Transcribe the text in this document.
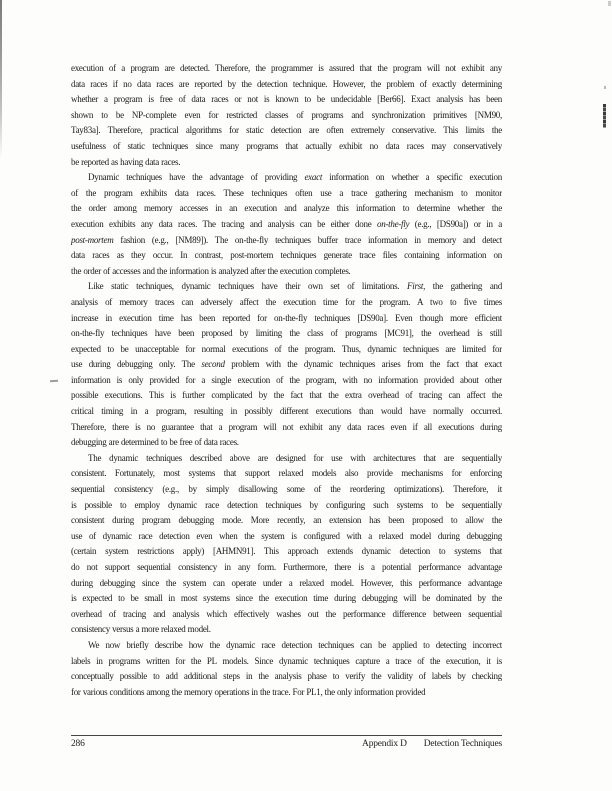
execution of a program are detected. Therefore, the programmer is assured that the program will not exhibit any
data races if no data races are reported by the detection technique. However, the problem of exactly determining
whether a program is free of data races or not is known to be undecidable [Ber66]. Exact analysis has been
shown to be NP-complete even for restricted classes of programs and synchronization primitives [NM90,
Tay83a]. Therefore, practical algorithms for static detection are often extremely conservative. This limits the
usefulness of static techniques since many programs that actually exhibit no data races may conservatively
be reported as having data races.
Dynamic techniques have the advantage of providing exact information on whether a specific execution
of the program exhibits data races. These techniques often use a trace gathering mechanism to monitor
the order among memory accesses in an execution and analyze this information to determine whether the
execution exhibits any data races. The tracing and analysis can be either done on-the-fly (e.g., [DS90a]) or in a
post-mortem fashion (e.g., [NM89]). The on-the-fly techniques buffer trace information in memory and detect
data races as they occur. In contrast, post-mortem techniques generate trace files containing information on
the order of accesses and the information is analyzed after the execution completes.
Like static techniques, dynamic techniques have their own set of limitations. First, the gathering and
analysis of memory traces can adversely affect the execution time for the program. A two to five times
increase in execution time has been reported for on-the-fly techniques [DS90a]. Even though more efficient
on-the-fly techniques have been proposed by limiting the class of programs [MC91], the overhead is still
expected to be unacceptable for normal executions of the program. Thus, dynamic techniques are limited for
use during debugging only. The second problem with the dynamic techniques arises from the fact that exact
information is only provided for a single execution of the program, with no information provided about other
possible executions. This is further complicated by the fact that the extra overhead of tracing can affect the
critical timing in a program, resulting in possibly different executions than would have normally occurred.
Therefore, there is no guarantee that a program will not exhibit any data races even if all executions during
debugging are determined to be free of data races.
The dynamic techniques described above are designed for use with architectures that are sequentially
consistent. Fortunately, most systems that support relaxed models also provide mechanisms for enforcing
sequential consistency (e.g., by simply disallowing some of the reordering optimizations). Therefore, it
is possible to employ dynamic race detection techniques by configuring such systems to be sequentially
consistent during program debugging mode. More recently, an extension has been proposed to allow the
use of dynamic race detection even when the system is configured with a relaxed model during debugging
(certain system restrictions apply) [AHMN91]. This approach extends dynamic detection to systems that
do not support sequential consistency in any form. Furthermore, there is a potential performance advantage
during debugging since the system can operate under a relaxed model. However, this performance advantage
is expected to be small in most systems since the execution time during debugging will be dominated by the
overhead of tracing and analysis which effectively washes out the performance difference between sequential
consistency versus a more relaxed model.
We now briefly describe how the dynamic race detection techniques can be applied to detecting incorrect
labels in programs written for the PL models. Since dynamic techniques capture a trace of the execution, it is
conceptually possible to add additional steps in the analysis phase to verify the validity of labels by checking
for various conditions among the memory operations in the trace. For PL1, the only information provided
286	Appendix D Detection Techniques
